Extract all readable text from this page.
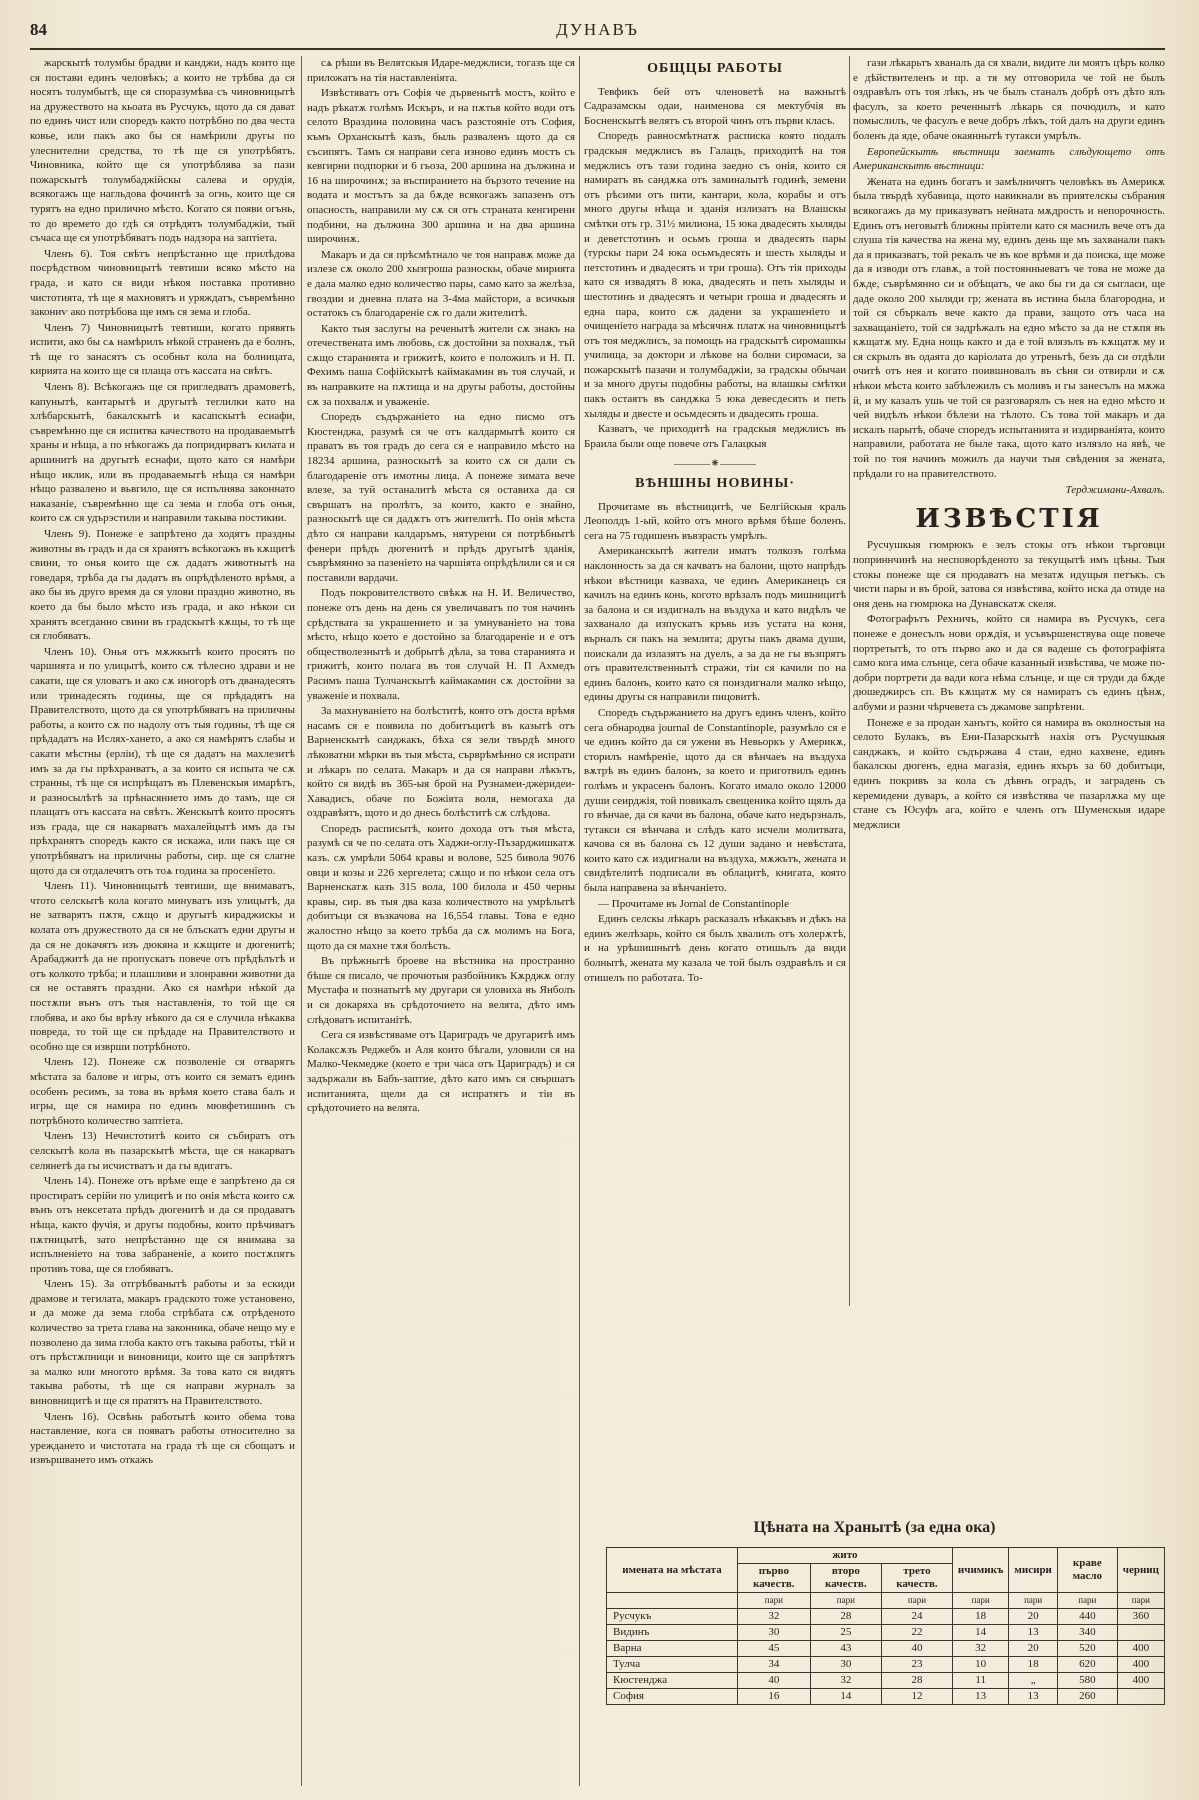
84	ДУНАВЪ

жарскытѣ толумбы брадви и канджи, надъ които ще ся постави единъ человѣкъ; а които не трѣбва да ся носятъ толумбытѣ, ще ся споразумѣва съ чиновницытѣ на дружеството на кьоата въ Русчукъ, щото да ся дават по единъ чист или споредъ както потрѣбно по два честа ковье, или пакъ ако бы ся намѣрили другы по улеснителни средства, то тѣ ще ся употрѣбятъ. Чиновника, който ще ся употрѣблява за пази пожарскытѣ толумбаджійскы салева и орудія, всякогажъ ще нагльдова фочинтѣ за огнь, които ще ся турятъ на едно прилично мѣсто. Когато ся появи огънь, то до времето до гдѣ ся отрѣдятъ толумбаджіи, тый съчаса ще ся употрѣбяватъ подъ надзора на заптіета.

Членъ 6). Тоя свѣтъ непрѣстанно ще прилѣдова посрѣдством чиновницытѣ тевтиши всяко мѣсто на града, и като ся види нѣкоя поставка противно чистотията, тѣ ще я махновятъ и уряждатъ, съвремѣнно закониѵ ако потрѣбова ще имъ ся зема и глоба.

Членъ 7) Чиновницытѣ тевтиши, когато прявять испити, ако бы сѧ намѣрилъ нѣкой страненъ да е болнъ, тѣ ще го занасятъ съ особньт кола на болницата, кирията на които ще ся плаща отъ кассата на свѣтъ.

Членъ 8). Всѣкогажъ ще ся пригледватъ драмоветѣ, капунытѣ, кантарытѣ и другытѣ теглилки като на хлѣбарскытѣ, бакалскытѣ и касапскытѣ есиафи, съвремѣнно ще ся испитва качеството на продаваемытѣ храны и нѣща, а по нѣкогажъ да попридирватъ килата и аршинитѣ на другытѣ еснафи, щото като ся намѣри нѣщо иклик, или въ продаваемытѣ нѣща ся намѣри нѣщо развалено и вьвгило, ще ся испълнява законнато наказаніе, съвремѣнно ще са зема и глоба отъ онья, които сѫ ся удърэстили и направили такыва постикии.

Членъ 9). Понеже е запрѣтено да ходятъ праздны животны въ градъ и да ся хранятъ всѣкогажъ въ кѫщитѣ свини, то онья които ще сѫ дадатъ животнытѣ на говедаря, трѣба да гы дадатъ въ опрѣдѣленото врѣмя, а ако бы въ друго время да ся улови праздно животно, въ което да бы было мѣсто изъ града, и ако нѣкои си хранятъ всегданно свини въ градскытѣ кѫщы, то тѣ ще ся глобяватъ.

Членъ 10). Онья отъ мѫжкытѣ които просятъ по чаршията и по улицытѣ, които сѫ тѣлесно здрави и не сакати, ще ся уловатъ и ако сѫ иногорѣ отъ дванадесять или тринадесять годины, ще ся прѣдадятъ на Правителството, щото да ся употрѣбяватъ на приличны работы, а които сѫ по надолу отъ тыя годины, тѣ ще ся прѣдадатъ на Ислях-хането, а ако ся намѣрятъ слабы и сакати мѣстны (ерліи), тѣ ще ся дадатъ на махлезитѣ имъ за да гы прѣхранватъ, а за които ся испыта че сѫ странны, тѣ ще ся испрѣщатъ въ Плевенскыя имарѣтъ, и разносылѣтѣ за прѣнасянието имъ до тамъ, ще ся плащатъ отъ кассата на свѣтъ. Женскытѣ които просятъ изъ града, ще ся накарватъ махалейцытѣ имъ да гы прѣхранятъ споредъ както ся искажа, или пакъ ще ся употрѣбяватъ на приличны работы, сир. ще ся слагне щото да ся отдалечятъ отъ тоѧ година за просенїето.

Членъ 11). Чиновницытѣ тевтиши, ще внимаватъ, чтото селскытѣ кола когато минуватъ изъ улицытѣ, да не затварятъ пѫтя, сѫщо и другытѣ кираджискы и колата отъ дружеството да ся не блъскатъ едни другы и да ся не докачятъ изъ дюкяна и кѫщите и дюгенитѣ; Арабаджитѣ да не пропускатъ повече отъ прѣдѣлътѣ и отъ колкото трѣба; и плашливи и злонравни животни да ся не оставятъ праздни. Ако ся намѣри нѣкой да постѫпи вънъ отъ тыя наставленія, то той ще ся глобява, и ако бы врѣзу нѣкого да ся е случила нѣкаква повреда, то той ще ся прѣдаде на Правителството и особно ще ся изврши потрѣбното.

Членъ 12). Понеже сѫ позволеніе ся отварятъ мѣстата за балове и игры, отъ които ся зематъ единъ особенъ ресимъ, за това въ врѣмя което става балъ и игры, ще ся намира по единъ мювфетишинъ съ потрѣбното количество заптіета.

Членъ 13) Нечистотитѣ които ся събиратъ отъ селскытѣ кола въ пазарскытѣ мѣста, ще ся накарватъ селянетѣ да гы исчистватъ и да гы вдигатъ.

Членъ 14). Понеже отъ врѣме еще е запрѣтено да ся простиратъ серійи по улицитѣ и по онія мѣста които сѫ вънъ отъ нексетата прѣдъ дюгенитѣ и да ся продаватъ нѣща, както фучія, и другы подобны, които прѣчиватъ пѫтницытѣ, зато непрѣстанно ще ся внимава за испълненіето на това забраненіе, а които постѫпятъ противъ това, ще ся глобяватъ.

Членъ 15). За отгрѣбванытѣ работы и за ескиди драмове и тегилата, макаръ градското тоже установено, и да може да зема глоба стрѣбата сѫ отрѣденото количество за трета глава на законника, обаче нещо му е позволено да зима глоба както отъ такыва работы, тѣй и отъ прѣстѫпници и виновници, които ще ся запрѣтятъ за малко или многото врѣмя. За това като ся видятъ такыва работы, тѣ ще ся направи журналъ за виновницитѣ и ще ся пратятъ на Правителството.

Членъ 16). Освѣнь работытѣ които обема това наставление, кога ся появатъ работы относително за уреждането и чистотата на града тѣ ще ся сбощатъ и извършването имъ откажъ

сѧ рѣши въ Велятскыя Идаре-меджлиси, тогазъ ще ся приложатъ на тія наставленіята.

Извѣстяватъ отъ Софія че дървенытѣ мостъ, който е надъ рѣкатѫ голѣмъ Искъръ, и на пѫтья който води отъ селото Врaздина половина часъ разстояніе отъ София, къмъ Орханскытѣ казъ, быль разваленъ щото да ся съсипятъ. Тамъ ся направи сега изново единъ мостъ съ кевгирни подпорки и 6 гьоза, 200 аршина на дължина и 16 на широчинѫ; за въспиранието на бързото течение на водата и мостътъ за да бѫде всякогажъ запазенъ отъ опасность, направили му сѫ ся отъ страната кенгирени подбини, на дължина 300 аршина и на два аршина широчинѫ.

Макаръ и да ся прѣсмѣтнало че тоя направѫ може да излезе сѫ около 200 хызгроша разноскы, обаче мирията е дала малко едно количество пары, само като за желѣза, гвоздии и дневна плата на 3-4ма майстори, а всичкыя остатокъ съ благодареніе сѫ го дали жителитѣ.

Както тыя заслугы на реченытѣ жители сѫ знакъ на отечествената имъ любовь, сѫ достойни за похвалѫ, тъй сѫщо старанията и грижитѣ, които е положилъ и Н. П. Фехимъ паша Софійскытѣ каймакамин въ тоя случай, и въ направките на пѫтища и на другы работы, достойны сѫ за похвалѫ и уваженіе.

Споредъ съдържаніето на едно писмо отъ Кюстенджа, разумѣ ся че отъ калдармытѣ които ся праватъ въ тоя градъ до сега ся е направило мѣсто на 18234 аршина, разноскытѣ за които сѫ ся дали съ благодареніе отъ имотны лица. А понеже зимата вече влезе, за туй останалитѣ мѣста ся оставиха да ся свършатъ на пролѣтъ, за които, както е знайно, разноскытѣ ще ся дадѫтъ отъ жителитѣ. По онія мѣста дѣто ся направи калдаръмъ, нятурени ся потрѣбнытѣ фенери прѣдъ дюгенитѣ и прѣдъ другытѣ зданія, съврѣмянно за пазеніето на чаршіята опрѣдѣлили ся и ся поставили вардачи.

Подъ покровителството свѣкѫ на Н. И. Величество, понеже отъ день на день ся увеличаватъ по тоя начинъ срѣдствата за украшението и за умнуваніето на това мѣсто, нѣщо което е достойно за благодареніе и е отъ обществолезнытѣ и добрытѣ дѣла, за това старанията и грижитѣ, които полага въ тоя случай Н. П Ахмедъ Расимъ паша Тулчанскытѣ каймакамин сѫ достойни за уваженіе и похвала.

За махнуваніето на болѣститѣ, която отъ доста врѣмя насамъ ся е появила по добитъцитѣ въ казытѣ отъ Варненскытѣ санджакъ, бѣха ся зели твърдѣ много лѣковатни мѣрки въ тыя мѣста, сърврѣмѣнно ся испрати и лѣкаръ по селата. Макаръ и да ся направи лѣкътъ, който ся видѣ въ 365-ыя брой на Рузнамеи-джеридеи-Хавадисъ, обаче по Божіята воля, немогаха да оздравѣятъ, щото и до днесь болѣститѣ сѫ слѣдова.

Споредъ расписытѣ, които дохода отъ тыя мѣста, разумѣ ся че по селата отъ Хаджи-оглу-Пъзарджишкатѫ казъ. сѫ умрѣли 5064 кравы и волове, 525 бивола 9076 овци и козы и 226 хергелета; сѫщо и по нѣкои села отъ Варненскатѫ казъ 315 вола, 100 билола и 450 черны кравы, сир. въ тыя два каза количеството на умрѣлытѣ добитъци ся възкачова на 16,554 главы. Това е едно жалостно нѣщо за което трѣба да сѫ молимъ на Бога, щото да ся махне тѫя болѣсть.

Въ прѣжнытѣ броеве на вѣстника на пространно бѣше ся писало, че прочютыя разбойникъ Кѫрджѫ оглу Мустафа и познатытѣ му другари ся уловихa въ Янболъ и ся докаряхa въ срѣдоточието на велята, дѣто имъ слѣдоватъ испитанітѣ.

Сега ся извѣстявамe отъ Цариградъ че другаритѣ имъ Колаксѫзъ Реджебъ и Аля които бѣгали, уловили ся на Малко-Чекмедже (което е три часа отъ Цариградъ) и ся задържали въ Бабъ-заптие, дѣто като имъ ся свършатъ испитанията, щели да ся испратятъ и тіи въ срѣдоточието на велята.

ОБЩЦЫ РАБОТЫ

Тевфикъ бей отъ членоветѣ на важнытѣ Садразамскы одаи, наименова ся мектубчія въ Босненскытѣ велятъ съ второй чинъ отъ първи класъ.

Споредъ равносмѣтнатѫ расписка която подалъ градскыя меджлисъ въ Галацъ, приходитѣ на тоя меджлисъ отъ тази година заедно съ онія, които ся намиратъ въ сандѫка отъ заминалытѣ годинѣ, земени отъ рѣсими отъ пити, кантари, кола, корабы и отъ много другы нѣща и зданія излизатъ на Влашскы смѣтки отъ гр. 31½ милиона, 15 юка двадесять хыляды и деветстотинъ и осьмъ гроша и двадесять пары (турскы пари 24 юка осьмъдесять и шесть хыляды и петстотинъ и двадесять и три гроша). Отъ тія приходы като ся извадятъ 8 юка, двадесять и петь хыляды и шестотинъ и двадесять и четыри гроша и двадесять и една пара, които сѫ дадени за украшеніето и очищеніето награда за мѣсячнѫ платѫ на чиновницытѣ отъ тоя меджлисъ, за помощъ на градскытѣ сиромашкы училища, за доктори и лѣкове на болни сиромаси, за пожарскытѣ пазачи и толумбаджіи, за градскы обычаи и за много другы подобны работы, на влашкы смѣтки пакъ остаятъ въ сандѫка 5 юка девесдесять и петь хыляды и двесте и осьмдесять и двадесять гроша.

Казватъ, че приходитѣ на градскыя меджлисъ въ Браила были още повече отъ Галацкыя

―――⁕―――
ВѢНШНЫ НОВИНЫ·

Прочитаме въ вѣстницитѣ, че Белгійскыя краль Леополдъ 1-ый, който отъ много врѣмя бѣше боленъ. сега на 75 годишенъ въвзрасть умрѣлъ.

Американскытѣ жители иматъ толкозъ голѣма наклонность за да ся качватъ на балони, щото напрѣдъ нѣкои вѣстници казваха, че единъ Американецъ ся качилъ на единъ конь, когото врѣзалъ подъ мишницитѣ за балона и ся издигналъ на въздуха и като видѣлъ че захванало да изпускатъ кръвь изъ устата на коня, върналъ ся пакъ на землята; другы пакъ двама души, поискали да излазятъ на дуелъ, а за да не гы възпрятъ отъ правителственнытѣ стражи, тіи ся качили по на единъ балонъ, които като ся поиздигнали малко нѣщо, едины другы ся направили пицовитѣ.

Споредъ съдържанието на другъ единъ членъ, който сега обнародва journal de Constantinople, разумѣло ся е че единъ който да ся ужени въ Невьоркъ у Америкѫ, сторилъ намѣреніе, щото да ся вѣнчаеъ на въздуха вѫтрѣ въ единъ балонъ, за което и приготвилъ единъ голѣмъ и украсенъ балонъ. Когато имало около 12000 души сеирджія, той повикалъ свещеника който щялъ да го вѣнчае, да ся качи въ балона, обаче като недързналъ, тутакси ся вѣнчава и слѣдъ като исчели молитвата, качова ся въ балона съ 12 души задано и невѣстата, които като сѫ издигнали на въздуха, мѫжътъ, жената и свидѣтелитѣ подписали въ облацитѣ, книгата, която была направена за вѣнчаніето.

— Прочитаме въ Jornal de Constantinople

Единъ селскы лѣкаръ расказалъ нѣкакъвъ и дѣкъ на единъ желѣзарь, който ся былъ хвалилъ отъ холерѫтѣ, и на урѣшишнытѣ день когато отишьлъ да види болнытѣ, жената му казала че той былъ оздравѣлъ и ся отишелъ по работата. То-

гази лѣкарьтъ хваналъ да ся хвали, видите ли моятъ цѣръ колко е дѣйствителенъ и пр. а тя му отговорила че той не былъ оздравѣлъ отъ тоя лѣкъ, нъ че былъ станалъ добрѣ отъ дѣто ялъ фасулъ, за което реченнытѣ лѣкарь ся почюдилъ, и като помыслилъ, че фасулъ е вече добръ лѣкъ, той далъ на други единъ боленъ да яде, обаче окаяннытѣ тутакси умрѣлъ.

Европейскытѣ вѣстници заематъ слѣдующето отъ Американскытѣ вѣстници:

Жената на единъ богатъ и замѣлничятъ человѣкъ въ Америкѫ была твърдѣ хубавица, щото навикнали въ приятелскы събрания всякогажъ да му приказуватъ нейната мѫдрость и непорочность. Единъ отъ неговытѣ ближны пріятели като ся маснилъ вече отъ да слуша тія качества на жена му, единъ день ще мъ захванали пакъ да я приказватъ, той рекалъ че въ кое врѣмя и да поиска, ще може да я изводи отъ главѫ, а той постоянныеватъ че това не може да бѫде, съврѣмянно си и обѣщатъ, че ако бы ги да ся сыгласи, ще даде около 200 хыляди гр; жената въ истина была благородна, и той ся сбъркалъ вече както да прави, защото отъ часа на захващаніето, той ся задрѣжалъ на едно мѣсто за да не стѫпя въ кѫщатѫ му. Една нощь както и да е той влязълъ въ кѫщатѫ му и ся скрылъ въ одаята до каріолата до утреньтѣ, безъ да си отдѣли очитѣ отъ нея и когато поившновалъ въ сѣня си отвирли и сѫ нѣкои мѣста които забѣлежилъ съ моливъ и гы занесълъ на мѫжа й, и му казалъ ушь че той ся разговарялъ съ нея на едно мѣсто и чей видѣлъ нѣкои бѣлези на тѣлото. Съ това той макаръ и да искалъ парытѣ, обаче споредъ испытанията и издирваніята, които направили, работата не быле така, щото като излязло на явѣ, че той по тоя начинъ можилъ да научи тыя свѣдения за жената, прѣдали го на правителството.

Терджимани-Ахвалъ.
ИЗВѢСТІЯ

Русчушкыя гюмрюкъ е зелъ стокы отъ нѣкои търговци поприннчинѣ на несповорѣденото за текущытѣ имъ цѣны. Тыя стокы понеже ще ся продаватъ на мезатѫ идущыя петъкъ. съ чисти пары и въ брой, затова ся извѣстява, който иска да отиде на оня день на гюмрюка на Дунавскатѫ скеля.

Фотографътъ Рехничъ, който ся намира въ Русчукъ, сега понеже е донесълъ нови орѫдія, и усъвършенствувa още повече портретытѣ, то отъ първо ако и да ся вадеше съ фотографіята само кога има слънце, сега обаче казанный извѣстява, че може по-добри портрети да вади кога нѣма слънце, и ще ся труди да бѫде дюшеджирсъ сп. Въ кѫщатѫ му ся намиратъ съ единъ цѣнѫ, албуми и разни чѣрчевета съ джамове запрѣтени.

Понеже е за продан ханътъ, който ся намира въ околностыя на селото Булакъ, въ Ени-Пазарскытѣ нахія отъ Русчушкыя санджакъ, и който съдържава 4 стаи, едно кахвене, единъ бакалскы дюгенъ, една магазія, единъ яхъръ за 60 добитъци, единъ покривъ за кола съ дѣвнъ оградъ, и заградень съ керемидени дуваръ, а който ся извѣстява че пазарлѫка му ще стане съ Юсуфъ ага, който е членъ отъ Шуменскыя идаре меджлиси

Цѣната на Хранытѣ (за една ока)
имената на мѣстата	жито			ичимикъ	мисири	краве масло	черниц
	първо качеств.	второ качеств.	трето качеств.				
	пари	пари	пари	пари	пари	пари	пари
Русчукъ	32	28	24	18	20	440	360
Видинъ	30	25	22	14	13	340	
Варна	45	43	40	32	20	520	400
Тулча	34	30	23	10	18	620	400
Кюстенджа	40	32	28	11	„	580	400
София	16	14	12	13	13	260	
